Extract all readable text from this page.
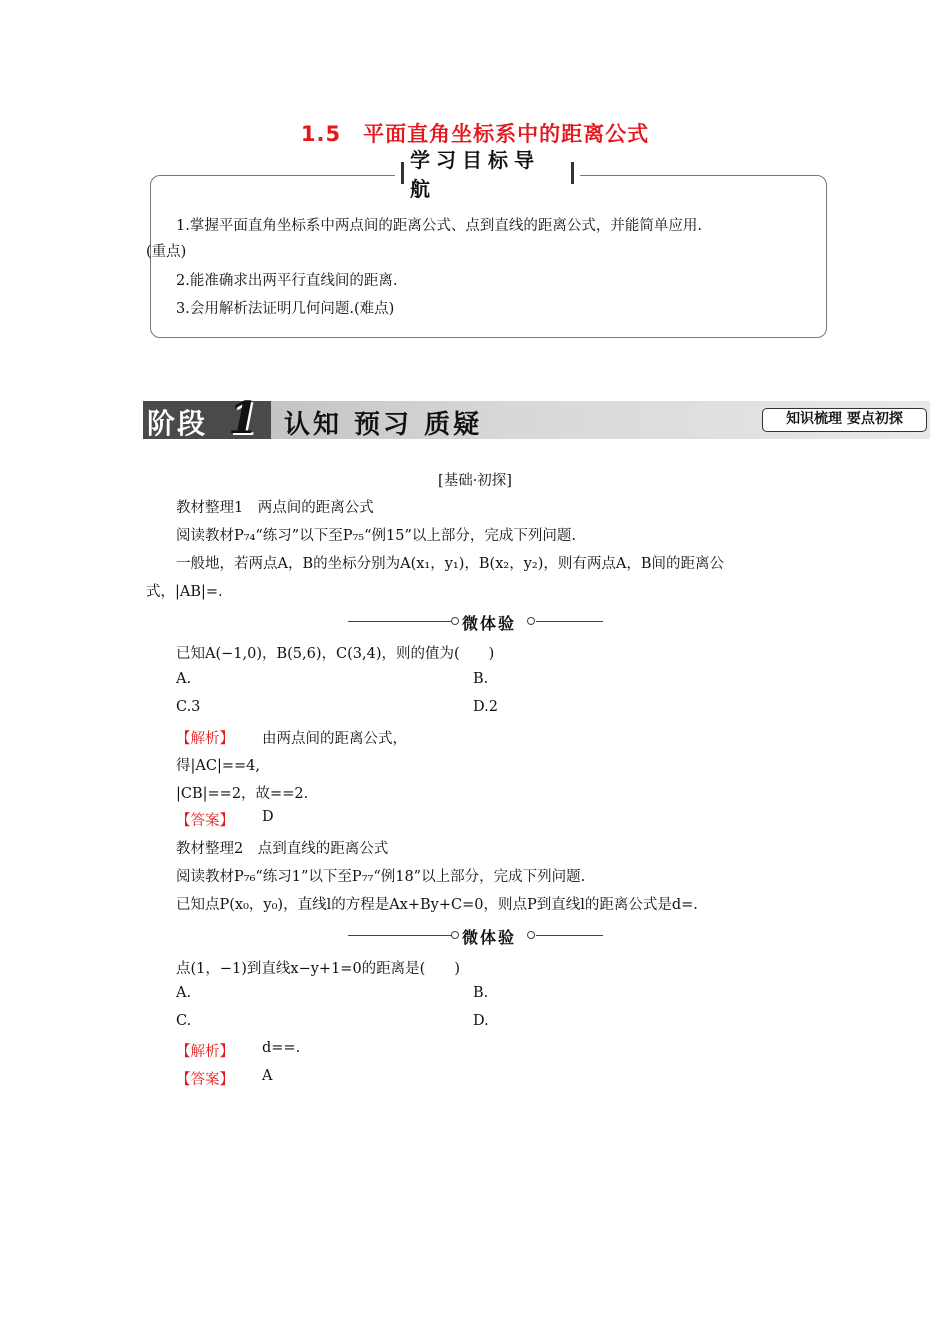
1.5　平面直角坐标系中的距离公式
学习目标导航
1.掌握平面直角坐标系中两点间的距离公式、点到直线的距离公式，并能简单应用.
(重点)
2.能准确求出两平行直线间的距离.
3.会用解析法证明几何问题.(难点)
阶段 1 认知 预习 质疑	知识梳理 要点初探
[基础·初探]
教材整理1　两点间的距离公式
阅读教材P₇₄“练习”以下至P₇₅“例15”以上部分，完成下列问题.
一般地，若两点A，B的坐标分别为A(x₁，y₁)，B(x₂，y₂)，则有两点A，B间的距离公
式，|AB|=.
微体验
已知A(−1,0)，B(5,6)，C(3,4)，则的值为(　　)
A.	B.
C.3	D.2
【解析】 由两点间的距离公式，
得|AC|==4,
|CB|==2，故==2.
【答案】 D
教材整理2　点到直线的距离公式
阅读教材P₇₆“练习1”以下至P₇₇“例18”以上部分，完成下列问题.
已知点P(x₀，y₀)，直线l的方程是Ax+By+C=0，则点P到直线l的距离公式是d=.
微体验
点(1，−1)到直线x−y+1=0的距离是(　　)
A.	B.
C.	D.
【解析】 d==.
【答案】 A
